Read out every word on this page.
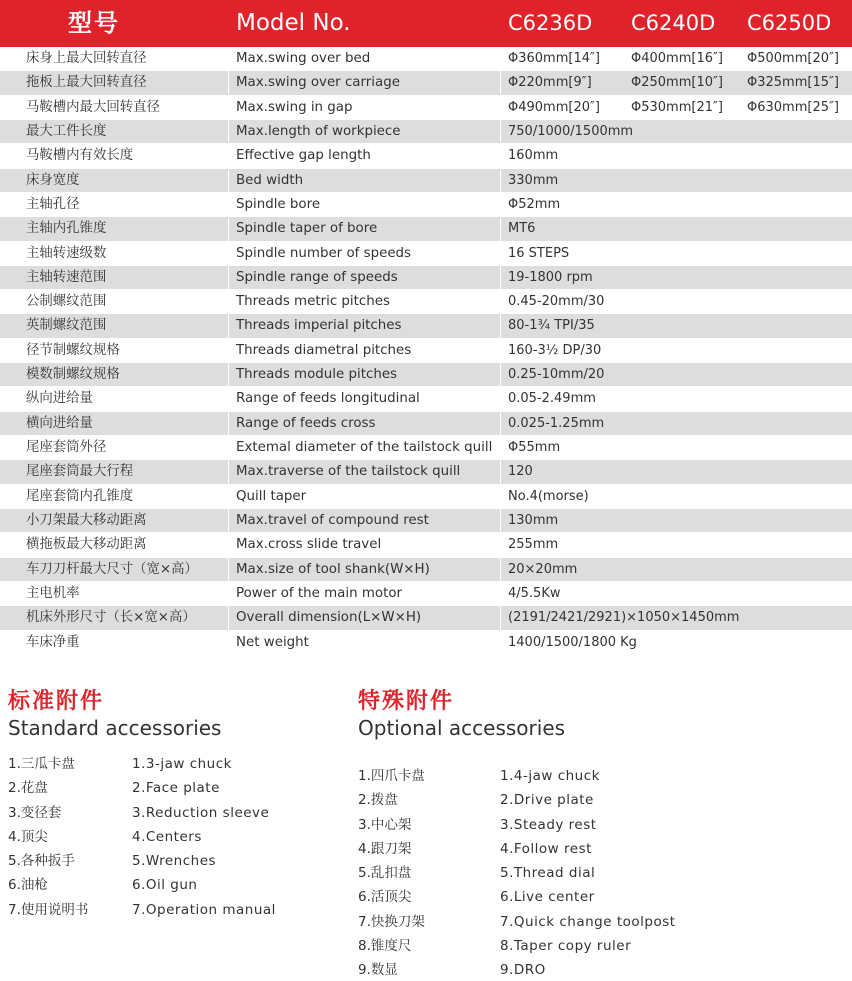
型号	Model No.	C6236D C6240D C6250D
床身上最大回转直径	Max.swing over bed	Φ360mm[14″] Φ400mm[16″] Φ500mm[20″]
拖板上最大回转直径	Max.swing over carriage	Φ220mm[9″]	Φ250mm[10″] Φ325mm[15″]
马鞍槽内最大回转直径	Max.swing in gap	Φ490mm[20″] Φ530mm[21″] Φ630mm[25″]
最大工件长度	Max.length of workpiece	750/1000/1500mm
马鞍槽内有效长度	Effective gap length	160mm
床身宽度	Bed width	330mm
主轴孔径	Spindle bore	Φ52mm
主轴内孔锥度	Spindle taper of bore	MT6
主轴转速级数	Spindle number of speeds	16 STEPS
主轴转速范围	Spindle range of speeds	19-1800 rpm
公制螺纹范围	Threads metric pitches	0.45-20mm/30
英制螺纹范围	Threads imperial pitches	80-1¾ TPI/35
径节制螺纹规格	Threads diametral pitches	160-3½ DP/30
模数制螺纹规格	Threads module pitches	0.25-10mm/20
纵向进给量	Range of feeds longitudinal	0.05-2.49mm
横向进给量	Range of feeds cross	0.025-1.25mm
尾座套筒外径	Extemal diameter of the tailstock quill Φ55mm
尾座套筒最大行程	Max.traverse of the tailstock quill	120
尾座套筒内孔锥度	Quill taper	No.4(morse)
小刀架最大移动距离	Max.travel of compound rest	130mm
横拖板最大移动距离	Max.cross slide travel	255mm
车刀刀杆最大尺寸（宽×高）	Max.size of tool shank(W×H)	20×20mm
主电机率	Power of the main motor	4/5.5Kw
机床外形尺寸（长×宽×高）	Overall dimension(L×W×H)	(2191/2421/2921)×1050×1450mm
车床净重	Net weight	1400/1500/1800 Kg
标准附件
Standard accessories
1.三瓜卡盘	1.3-jaw chuck
2.花盘	2.Face plate
3.变径套	3.Reduction sleeve
4.顶尖	4.Centers
5.各种扳手	5.Wrenches
6.油枪	6.Oil gun
7.使用说明书	7.Operation manual
特殊附件
Optional accessories
1.四爪卡盘	1.4-jaw chuck
2.拨盘	2.Drive plate
3.中心架	3.Steady rest
4.跟刀架	4.Follow rest
5.乱扣盘	5.Thread dial
6.活顶尖	6.Live center
7.快换刀架	7.Quick change toolpost
8.锥度尺	8.Taper copy ruler
9.数显	9.DRO
